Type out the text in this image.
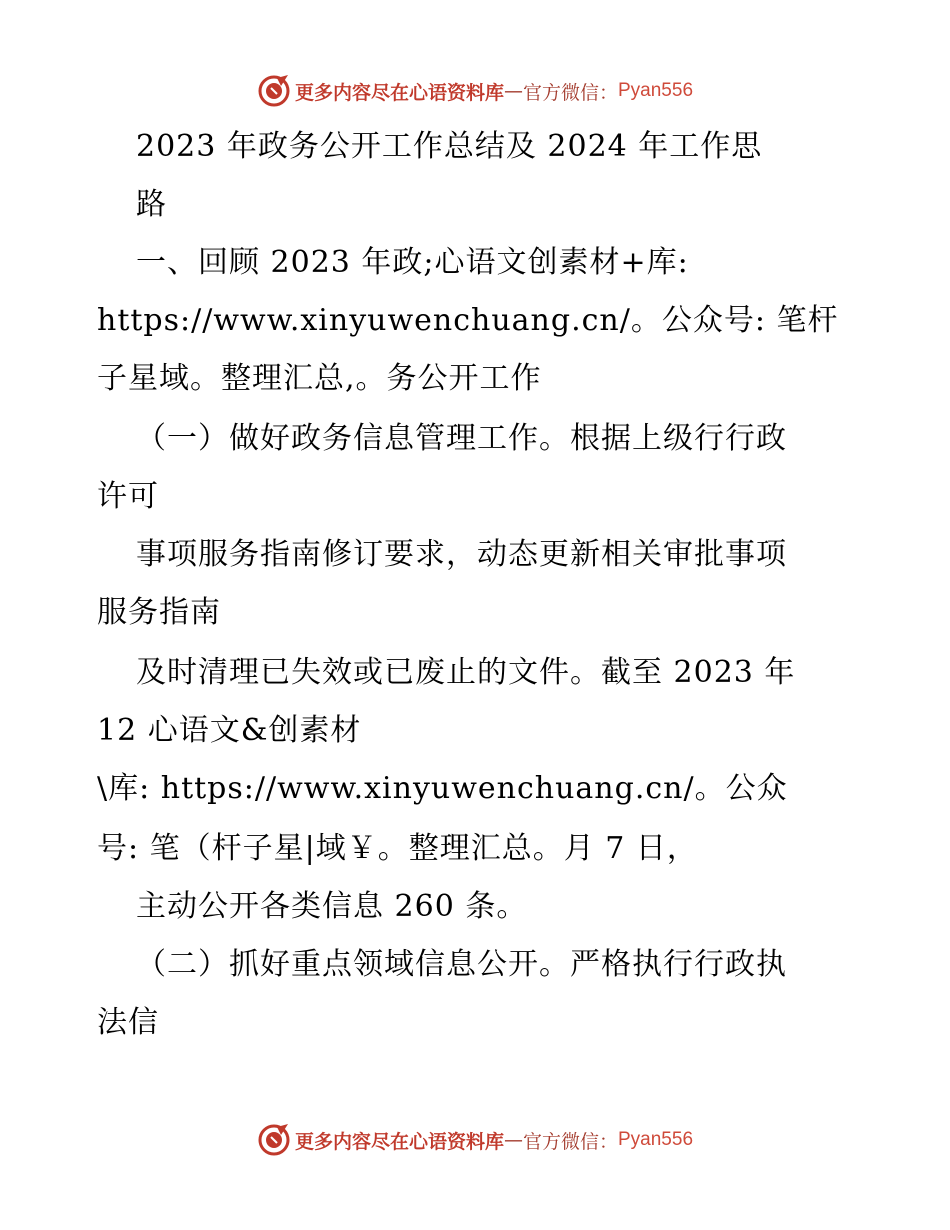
更多内容尽在心语资料库 — 官方微信： Pyan556
2023 年政务公开工作总结及 2024 年工作思
路
一、回顾 2023 年政;心语文创素材+库:
https://www.xinyuwenchuang.cn/。公众号: 笔杆
子星域。整理汇总,。务公开工作
（一）做好政务信息管理工作。根据上级行行政
许可
事项服务指南修订要求，动态更新相关审批事项
服务指南
及时清理已失效或已废止的文件。截至 2023 年
12 心语文&创素材
\库: https://www.xinyuwenchuang.cn/。公众
号: 笔（杆子星|域￥。整理汇总。月 7 日，
主动公开各类信息 260 条。
（二）抓好重点领域信息公开。严格执行行政执
法信
更多内容尽在心语资料库 — 官方微信： Pyan556
